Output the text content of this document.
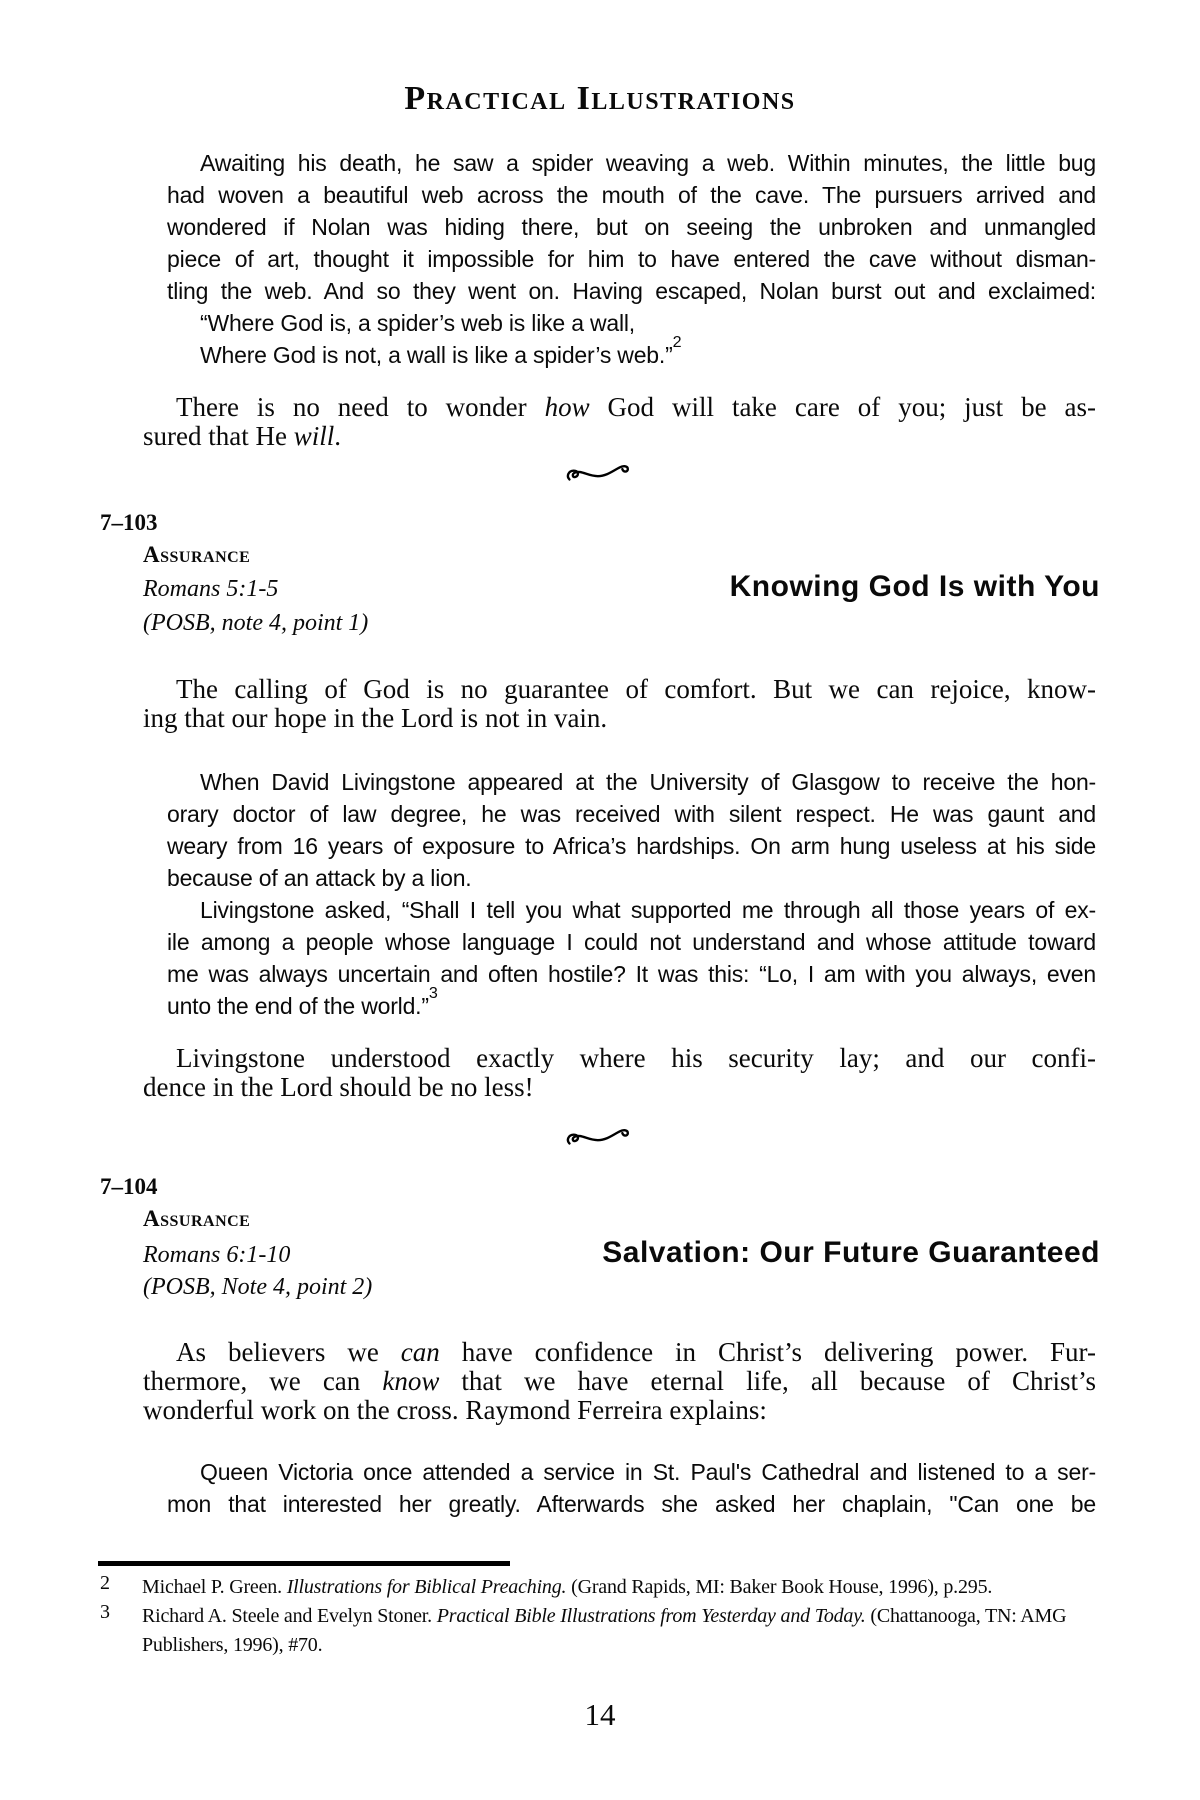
Practical Illustrations
Awaiting his death, he saw a spider weaving a web. Within minutes, the little bug
had woven a beautiful web across the mouth of the cave. The pursuers arrived and
wondered if Nolan was hiding there, but on seeing the unbroken and unmangled
piece of art, thought it impossible for him to have entered the cave without disman-
tling the web. And so they went on. Having escaped, Nolan burst out and exclaimed:
“Where God is, a spider’s web is like a wall,
Where God is not, a wall is like a spider’s web.”$^2$
There is no need to wonder how God will take care of you; just be as-
sured that He will.
7–103
Assurance
Romans 5:1-5	Knowing God Is with You
(POSB, note 4, point 1)
The calling of God is no guarantee of comfort. But we can rejoice, know-
ing that our hope in the Lord is not in vain.
When David Livingstone appeared at the University of Glasgow to receive the hon-
orary doctor of law degree, he was received with silent respect. He was gaunt and
weary from 16 years of exposure to Africa’s hardships. On arm hung useless at his side
because of an attack by a lion.
Livingstone asked, “Shall I tell you what supported me through all those years of ex-
ile among a people whose language I could not understand and whose attitude toward
me was always uncertain and often hostile? It was this: “Lo, I am with you always, even
unto the end of the world.”$^3$
Livingstone understood exactly where his security lay; and our confi-
dence in the Lord should be no less!
7–104
Assurance
Romans 6:1-10	Salvation: Our Future Guaranteed
(POSB, Note 4, point 2)
As believers we can have confidence in Christ’s delivering power. Fur-
thermore, we can know that we have eternal life, all because of Christ’s
wonderful work on the cross. Raymond Ferreira explains:
Queen Victoria once attended a service in St. Paul's Cathedral and listened to a ser-
mon that interested her greatly. Afterwards she asked her chaplain, "Can one be
2 Michael P. Green. Illustrations for Biblical Preaching. (Grand Rapids, MI: Baker Book House, 1996), p.295.
3 Richard A. Steele and Evelyn Stoner. Practical Bible Illustrations from Yesterday and Today. (Chattanooga, TN: AMG
Publishers, 1996), #70.
14
